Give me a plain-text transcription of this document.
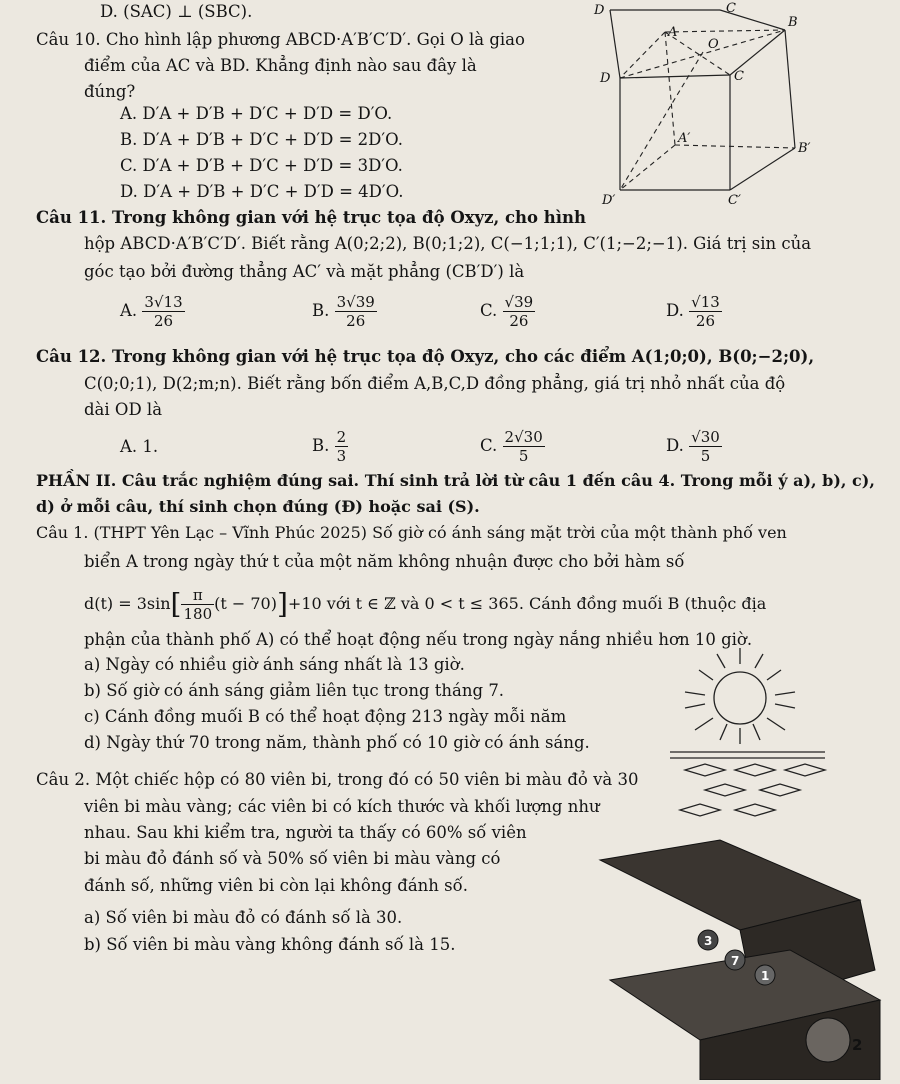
D. (SAC) ⊥ (SBC).
Câu 10. Cho hình lập phương ABCD·A′B′C′D′. Gọi O là giao
điểm của AC và BD. Khẳng định nào sau đây là
đúng?
A. D′A + D′B + D′C + D′D = D′O.
B. D′A + D′B + D′C + D′D = 2D′O.
C. D′A + D′B + D′C + D′D = 3D′O.
D. D′A + D′B + D′C + D′D = 4D′O.
D	C
A
B
O
D	C
A′
B′
D′	C′
Câu 11. Trong không gian với hệ trục tọa độ Oxyz, cho hình
hộp ABCD·A′B′C′D′. Biết rằng A(0;2;2), B(0;1;2), C(−1;1;1), C′(1;−2;−1). Giá trị sin của
góc tạo bởi đường thẳng AC′ và mặt phẳng (CB′D′) là
A. $\frac{3√13}{26}$	B. $\frac{3√39}{26}$	C. $\frac{√39}{26}$	D. $\frac{√13}{26}$
Câu 12. Trong không gian với hệ trục tọa độ Oxyz, cho các điểm A(1;0;0), B(0;−2;0),
C(0;0;1), D(2;m;n). Biết rằng bốn điểm A,B,C,D đồng phẳng, giá trị nhỏ nhất của độ
dài OD là
A. 1.	B. $\frac{2}{3}$	C. $\frac{2√30}{5}$	D. $\frac{√30}{5}$
PHẦN II. Câu trắc nghiệm đúng sai. Thí sinh trả lời từ câu 1 đến câu 4. Trong mỗi ý a), b), c),
d) ở mỗi câu, thí sinh chọn đúng (Đ) hoặc sai (S).
Câu 1. (THPT Yên Lạc – Vĩnh Phúc 2025) Số giờ có ánh sáng mặt trời của một thành phố ven
biển A trong ngày thứ t của một năm không nhuận được cho bởi hàm số
$d(t) = 3\sin[ \frac{\pi}{180} (t - 70)]+10$ với t ∈ ℤ và 0 < t ≤ 365. Cánh đồng muối B (thuộc địa
phận của thành phố A) có thể hoạt động nếu trong ngày nắng nhiều hơn 10 giờ.
a) Ngày có nhiều giờ ánh sáng nhất là 13 giờ.
b) Số giờ có ánh sáng giảm liên tục trong tháng 7.
c) Cánh đồng muối B có thể hoạt động 213 ngày mỗi năm
d) Ngày thứ 70 trong năm, thành phố có 10 giờ có ánh sáng.
Câu 2. Một chiếc hộp có 80 viên bi, trong đó có 50 viên bi màu đỏ và 30
viên bi màu vàng; các viên bi có kích thước và khối lượng như
nhau. Sau khi kiểm tra, người ta thấy có 60% số viên
bi màu đỏ đánh số và 50% số viên bi màu vàng có
đánh số, những viên bi còn lại không đánh số.
a) Số viên bi màu đỏ có đánh số là 30.
b) Số viên bi màu vàng không đánh số là 15.	3
7
1
2
